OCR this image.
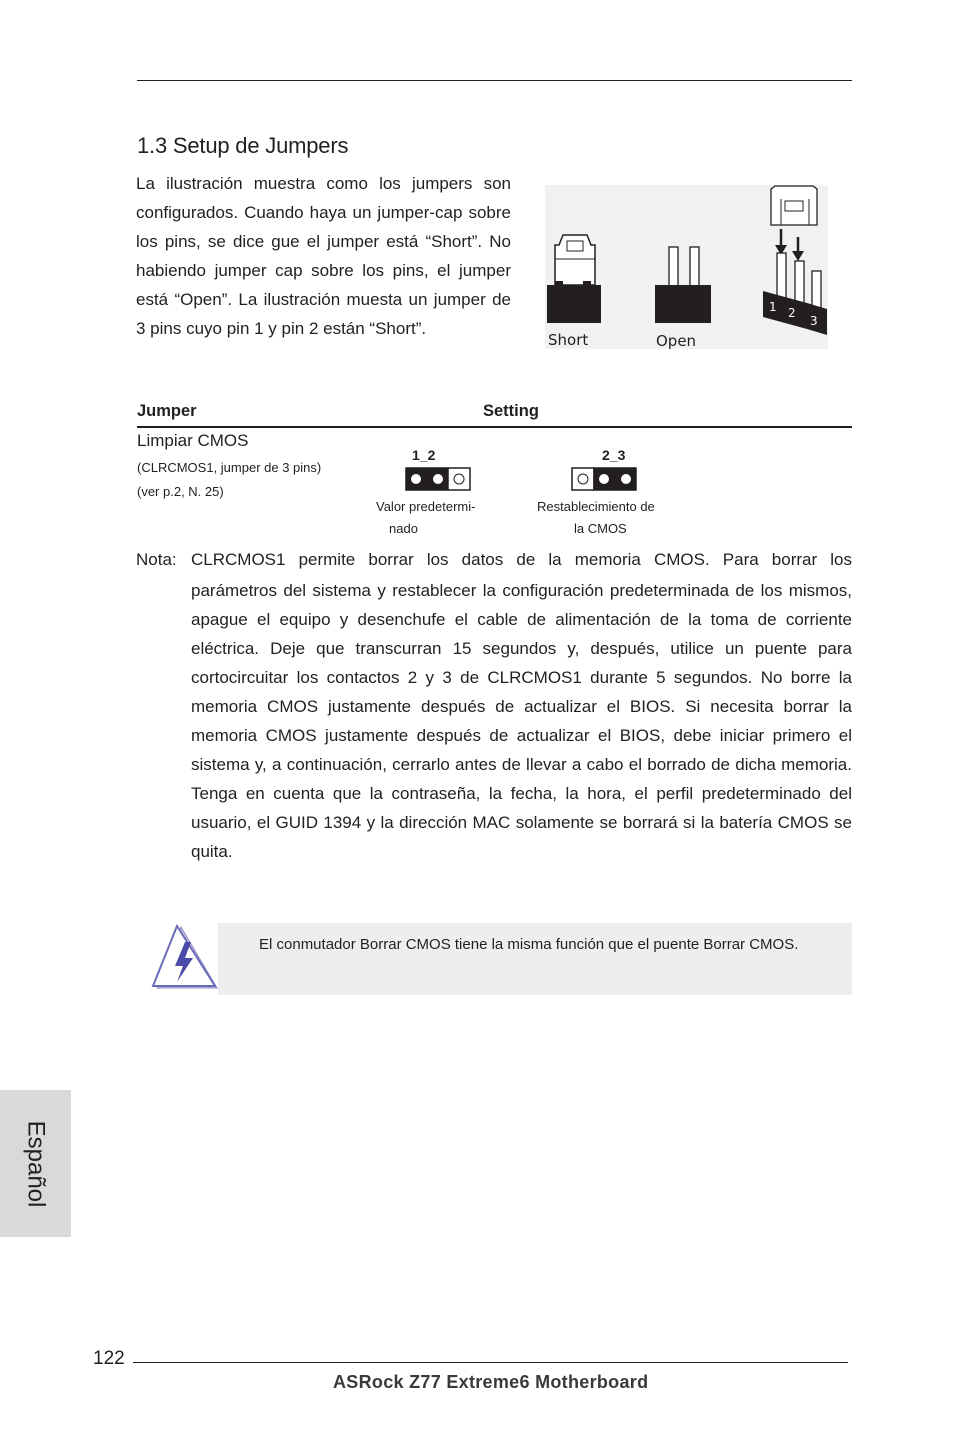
1.3 Setup de Jumpers
La ilustración muestra como los jumpers son configurados. Cuando haya un jumper-cap sobre los pins, se dice gue el jumper está “Short”. No habiendo jumper cap sobre los pins, el jumper está “Open”. La ilustración muesta un jumper de 3 pins cuyo pin 1 y pin 2 están “Short”.
1 2
3
Short	Open
Jumper	Setting
Limpiar CMOS
(CLRCMOS1, jumper de 3 pins)
(ver p.2, N. 25)
1_2
Valor predetermi-
nado
2_3
Restablecimiento de
la CMOS
Nota: CLRCMOS1 permite borrar los datos de la memoria CMOS. Para borrar los
parámetros del sistema y restablecer la configuración predeterminada de los mismos, apague el equipo y desenchufe el cable de alimentación de la toma de corriente eléctrica. Deje que transcurran 15 segundos y, después, utilice un puente para cortocircuitar los contactos 2 y 3 de CLRCMOS1 durante 5 segundos. No borre la memoria CMOS justamente después de actualizar el BIOS. Si necesita borrar la memoria CMOS justamente después de actualizar el BIOS, debe iniciar primero el sistema y, a continuación, cerrarlo antes de llevar a cabo el borrado de dicha memoria. Tenga en cuenta que la contraseña, la fecha, la hora, el perfil predeterminado del usuario, el GUID 1394 y la dirección MAC solamente se borrará si la batería CMOS se quita.
El conmutador Borrar CMOS tiene la misma función que el puente Borrar CMOS.
Español
122
ASRock Z77 Extreme6 Motherboard
